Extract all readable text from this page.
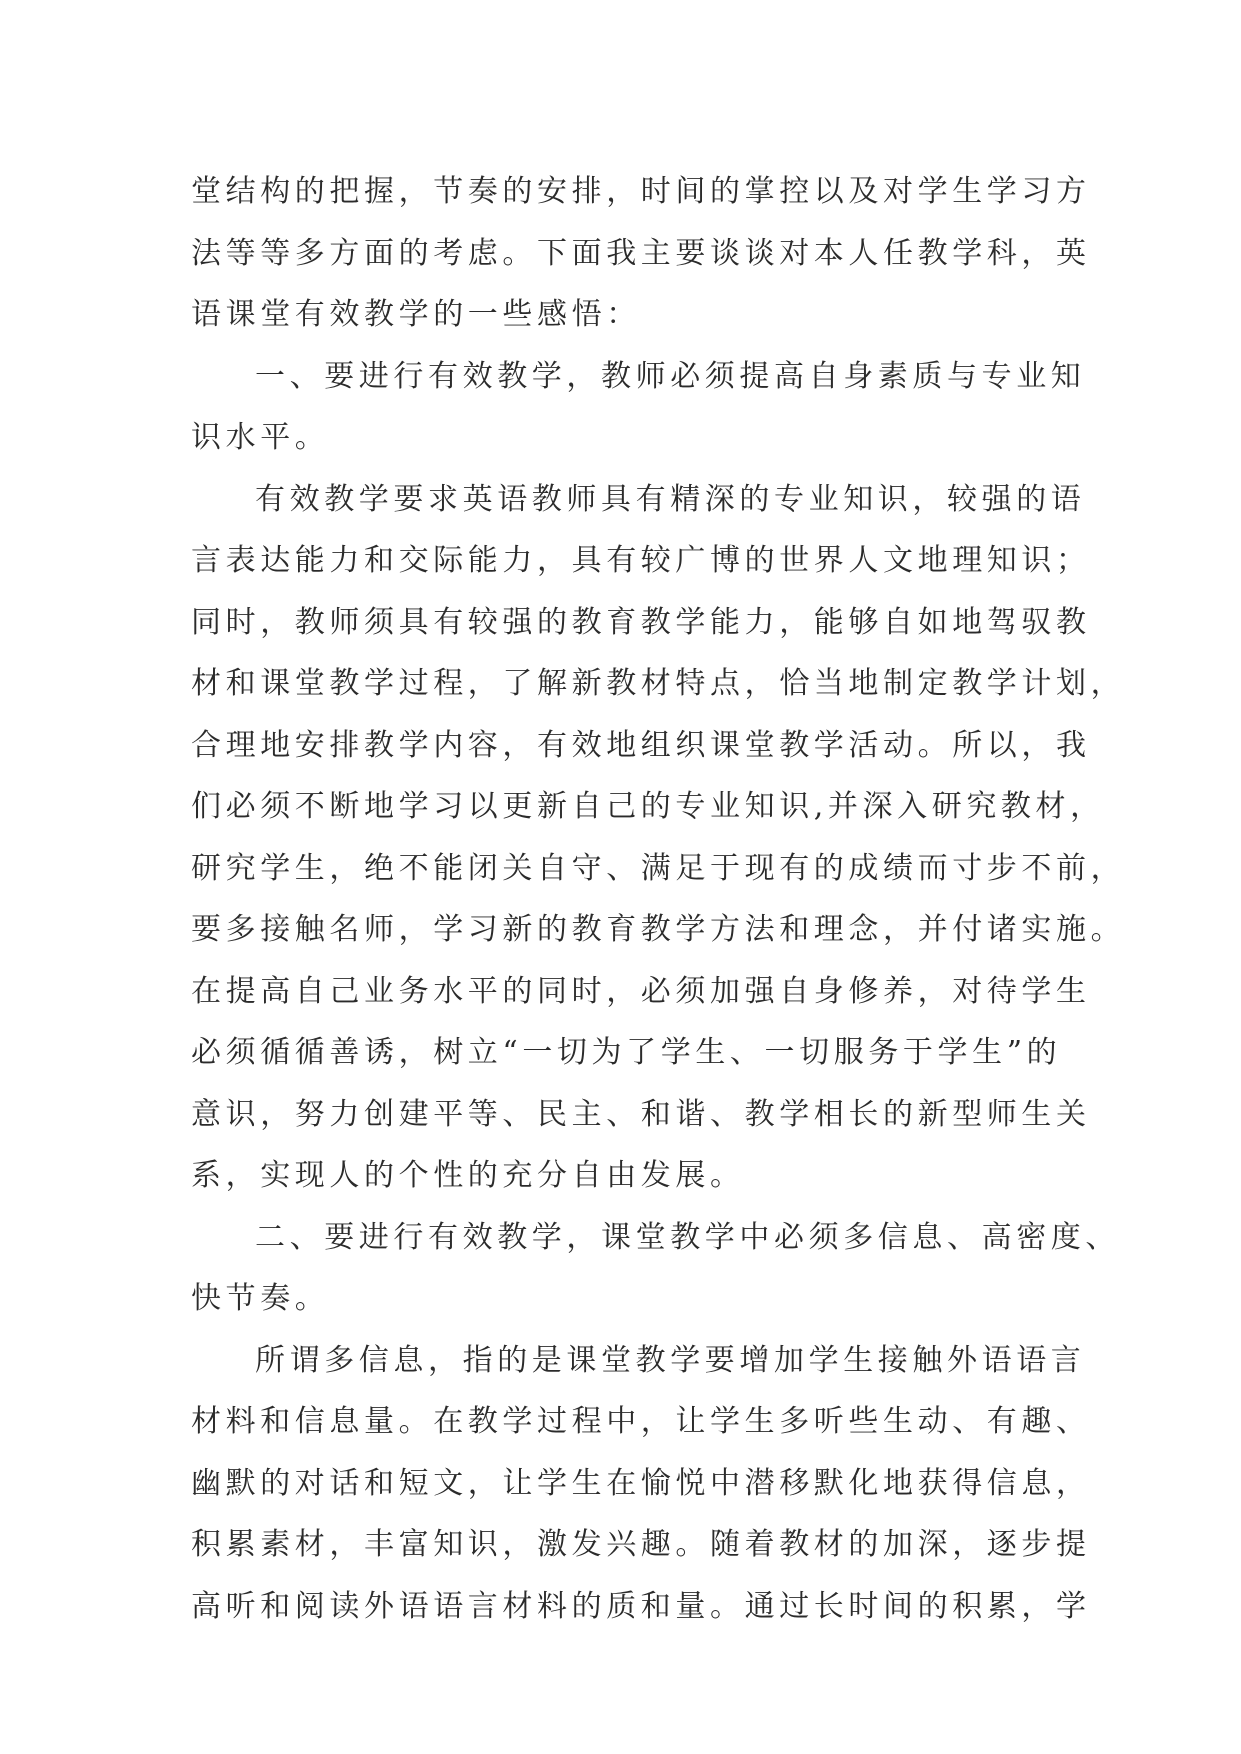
堂结构的把握，节奏的安排，时间的掌控以及对学生学习方
法等等多方面的考虑。下面我主要谈谈对本人任教学科，英
语课堂有效教学的一些感悟：
一、要进行有效教学，教师必须提高自身素质与专业知
识水平。
有效教学要求英语教师具有精深的专业知识，较强的语
言表达能力和交际能力，具有较广博的世界人文地理知识；
同时，教师须具有较强的教育教学能力，能够自如地驾驭教
材和课堂教学过程，了解新教材特点，恰当地制定教学计划，
合理地安排教学内容，有效地组织课堂教学活动。所以，我
们必须不断地学习以更新自己的专业知识,并深入研究教材，
研究学生，绝不能闭关自守、满足于现有的成绩而寸步不前，
要多接触名师，学习新的教育教学方法和理念，并付诸实施。
在提高自己业务水平的同时，必须加强自身修养，对待学生
必须循循善诱，树立“一切为了学生、一切服务于学生”的
意识，努力创建平等、民主、和谐、教学相长的新型师生关
系，实现人的个性的充分自由发展。
二、要进行有效教学，课堂教学中必须多信息、高密度、
快节奏。
所谓多信息，指的是课堂教学要增加学生接触外语语言
材料和信息量。在教学过程中，让学生多听些生动、有趣、
幽默的对话和短文，让学生在愉悦中潜移默化地获得信息，
积累素材，丰富知识，激发兴趣。随着教材的加深，逐步提
高听和阅读外语语言材料的质和量。通过长时间的积累，学
